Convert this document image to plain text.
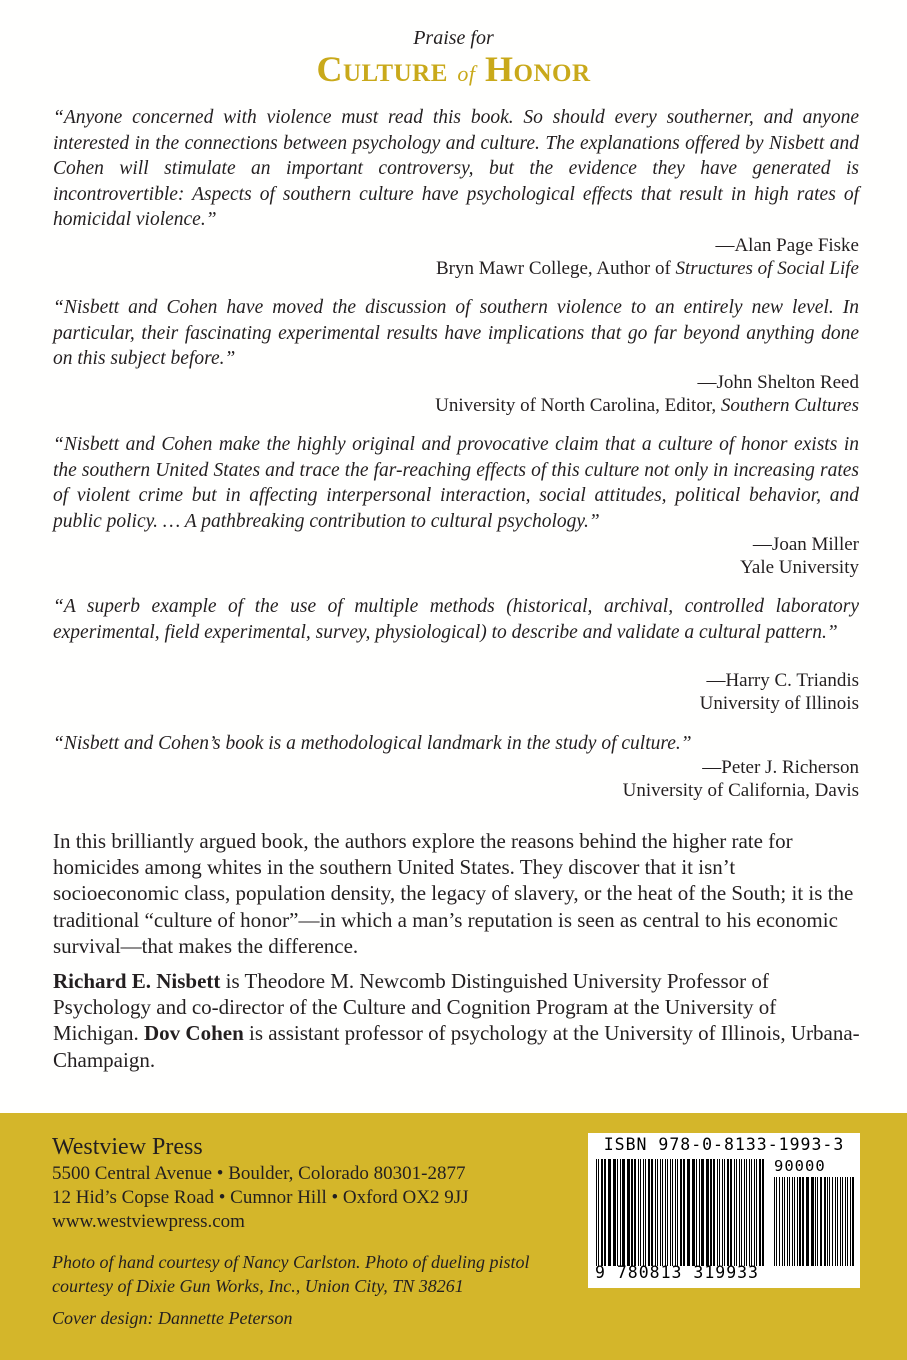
Praise for
Culture of Honor
“Anyone concerned with violence must read this book. So should every southerner, and anyone interested in the connections between psychology and culture. The explanations offered by Nisbett and Cohen will stimulate an important controversy, but the evidence they have generated is incontrovertible: Aspects of southern culture have psychological effects that result in high rates of homicidal violence.”
—Alan Page Fiske
Bryn Mawr College, Author of Structures of Social Life
“Nisbett and Cohen have moved the discussion of southern violence to an entirely new level. In particular, their fascinating experimental results have implications that go far beyond anything done on this subject before.”
—John Shelton Reed
University of North Carolina, Editor, Southern Cultures
“Nisbett and Cohen make the highly original and provocative claim that a culture of honor exists in the southern United States and trace the far-reaching effects of this culture not only in increasing rates of violent crime but in affecting interpersonal interaction, social attitudes, political behavior, and public policy. … A pathbreaking contribution to cultural psychology.”
—Joan Miller
Yale University
“A superb example of the use of multiple methods (historical, archival, controlled laboratory experimental, field experimental, survey, physiological) to describe and validate a cultural pattern.”
—Harry C. Triandis
University of Illinois
“Nisbett and Cohen’s book is a methodological landmark in the study of culture.”
—Peter J. Richerson
University of California, Davis
In this brilliantly argued book, the authors explore the reasons behind the higher rate for homicides among whites in the southern United States. They discover that it isn’t socioeconomic class, population density, the legacy of slavery, or the heat of the South; it is the traditional “culture of honor”—in which a man’s reputation is seen as central to his economic survival—that makes the difference.
Richard E. Nisbett is Theodore M. Newcomb Distinguished University Professor of Psychology and co-director of the Culture and Cognition Program at the University of Michigan. Dov Cohen is assistant professor of psychology at the University of Illinois, Urbana-Champaign.
Westview Press
5500 Central Avenue • Boulder, Colorado 80301-2877
12 Hid’s Copse Road • Cumnor Hill • Oxford OX2 9JJ
www.westviewpress.com
Photo of hand courtesy of Nancy Carlston. Photo of dueling pistol courtesy of Dixie Gun Works, Inc., Union City, TN 38261
Cover design: Dannette Peterson
ISBN 978-0-8133-1993-3
90000
9 780813 319933
